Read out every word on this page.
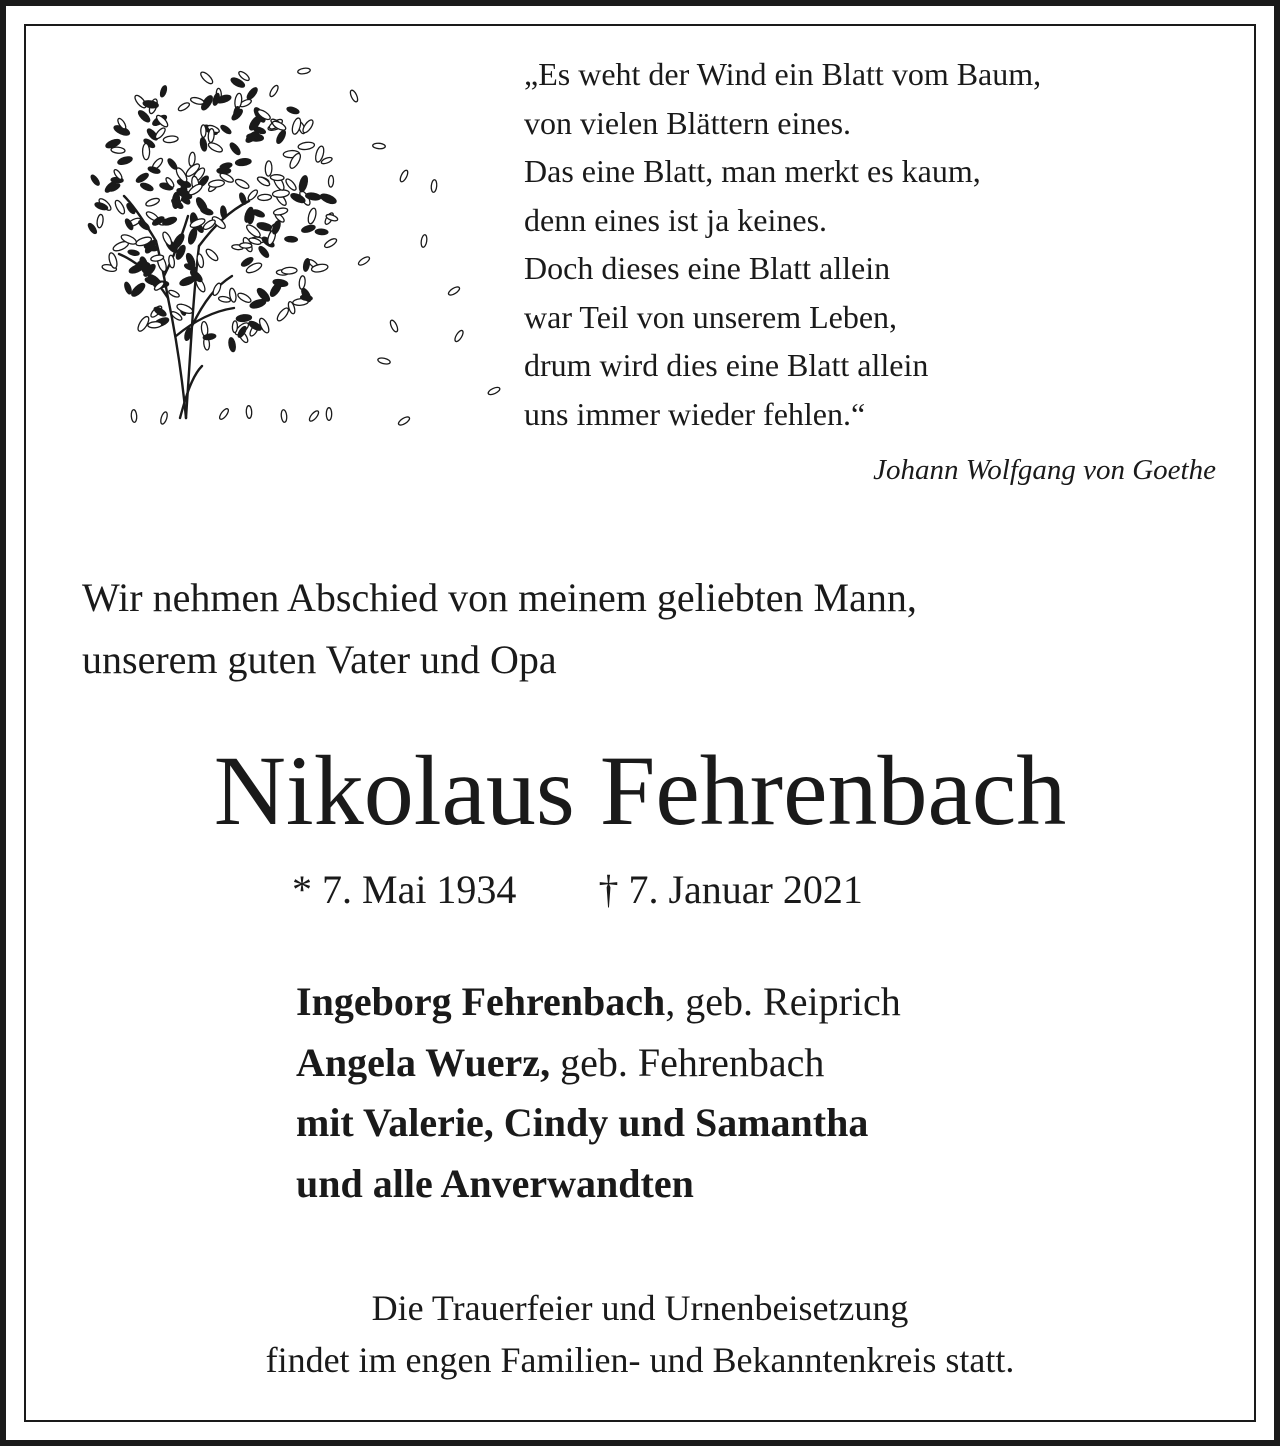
„Es weht der Wind ein Blatt vom Baum,
von vielen Blättern eines.
Das eine Blatt, man merkt es kaum,
denn eines ist ja keines.
Doch dieses eine Blatt allein
war Teil von unserem Leben,
drum wird dies eine Blatt allein
uns immer wieder fehlen.“
Johann Wolfgang von Goethe
Wir nehmen Abschied von meinem geliebten Mann,
unserem guten Vater und Opa
Nikolaus Fehrenbach
* 7. Mai 1934 † 7. Januar 2021
Ingeborg Fehrenbach, geb. Reiprich
Angela Wuerz, geb. Fehrenbach
mit Valerie, Cindy und Samantha
und alle Anverwandten
Die Trauerfeier und Urnenbeisetzung
findet im engen Familien- und Bekanntenkreis statt.
